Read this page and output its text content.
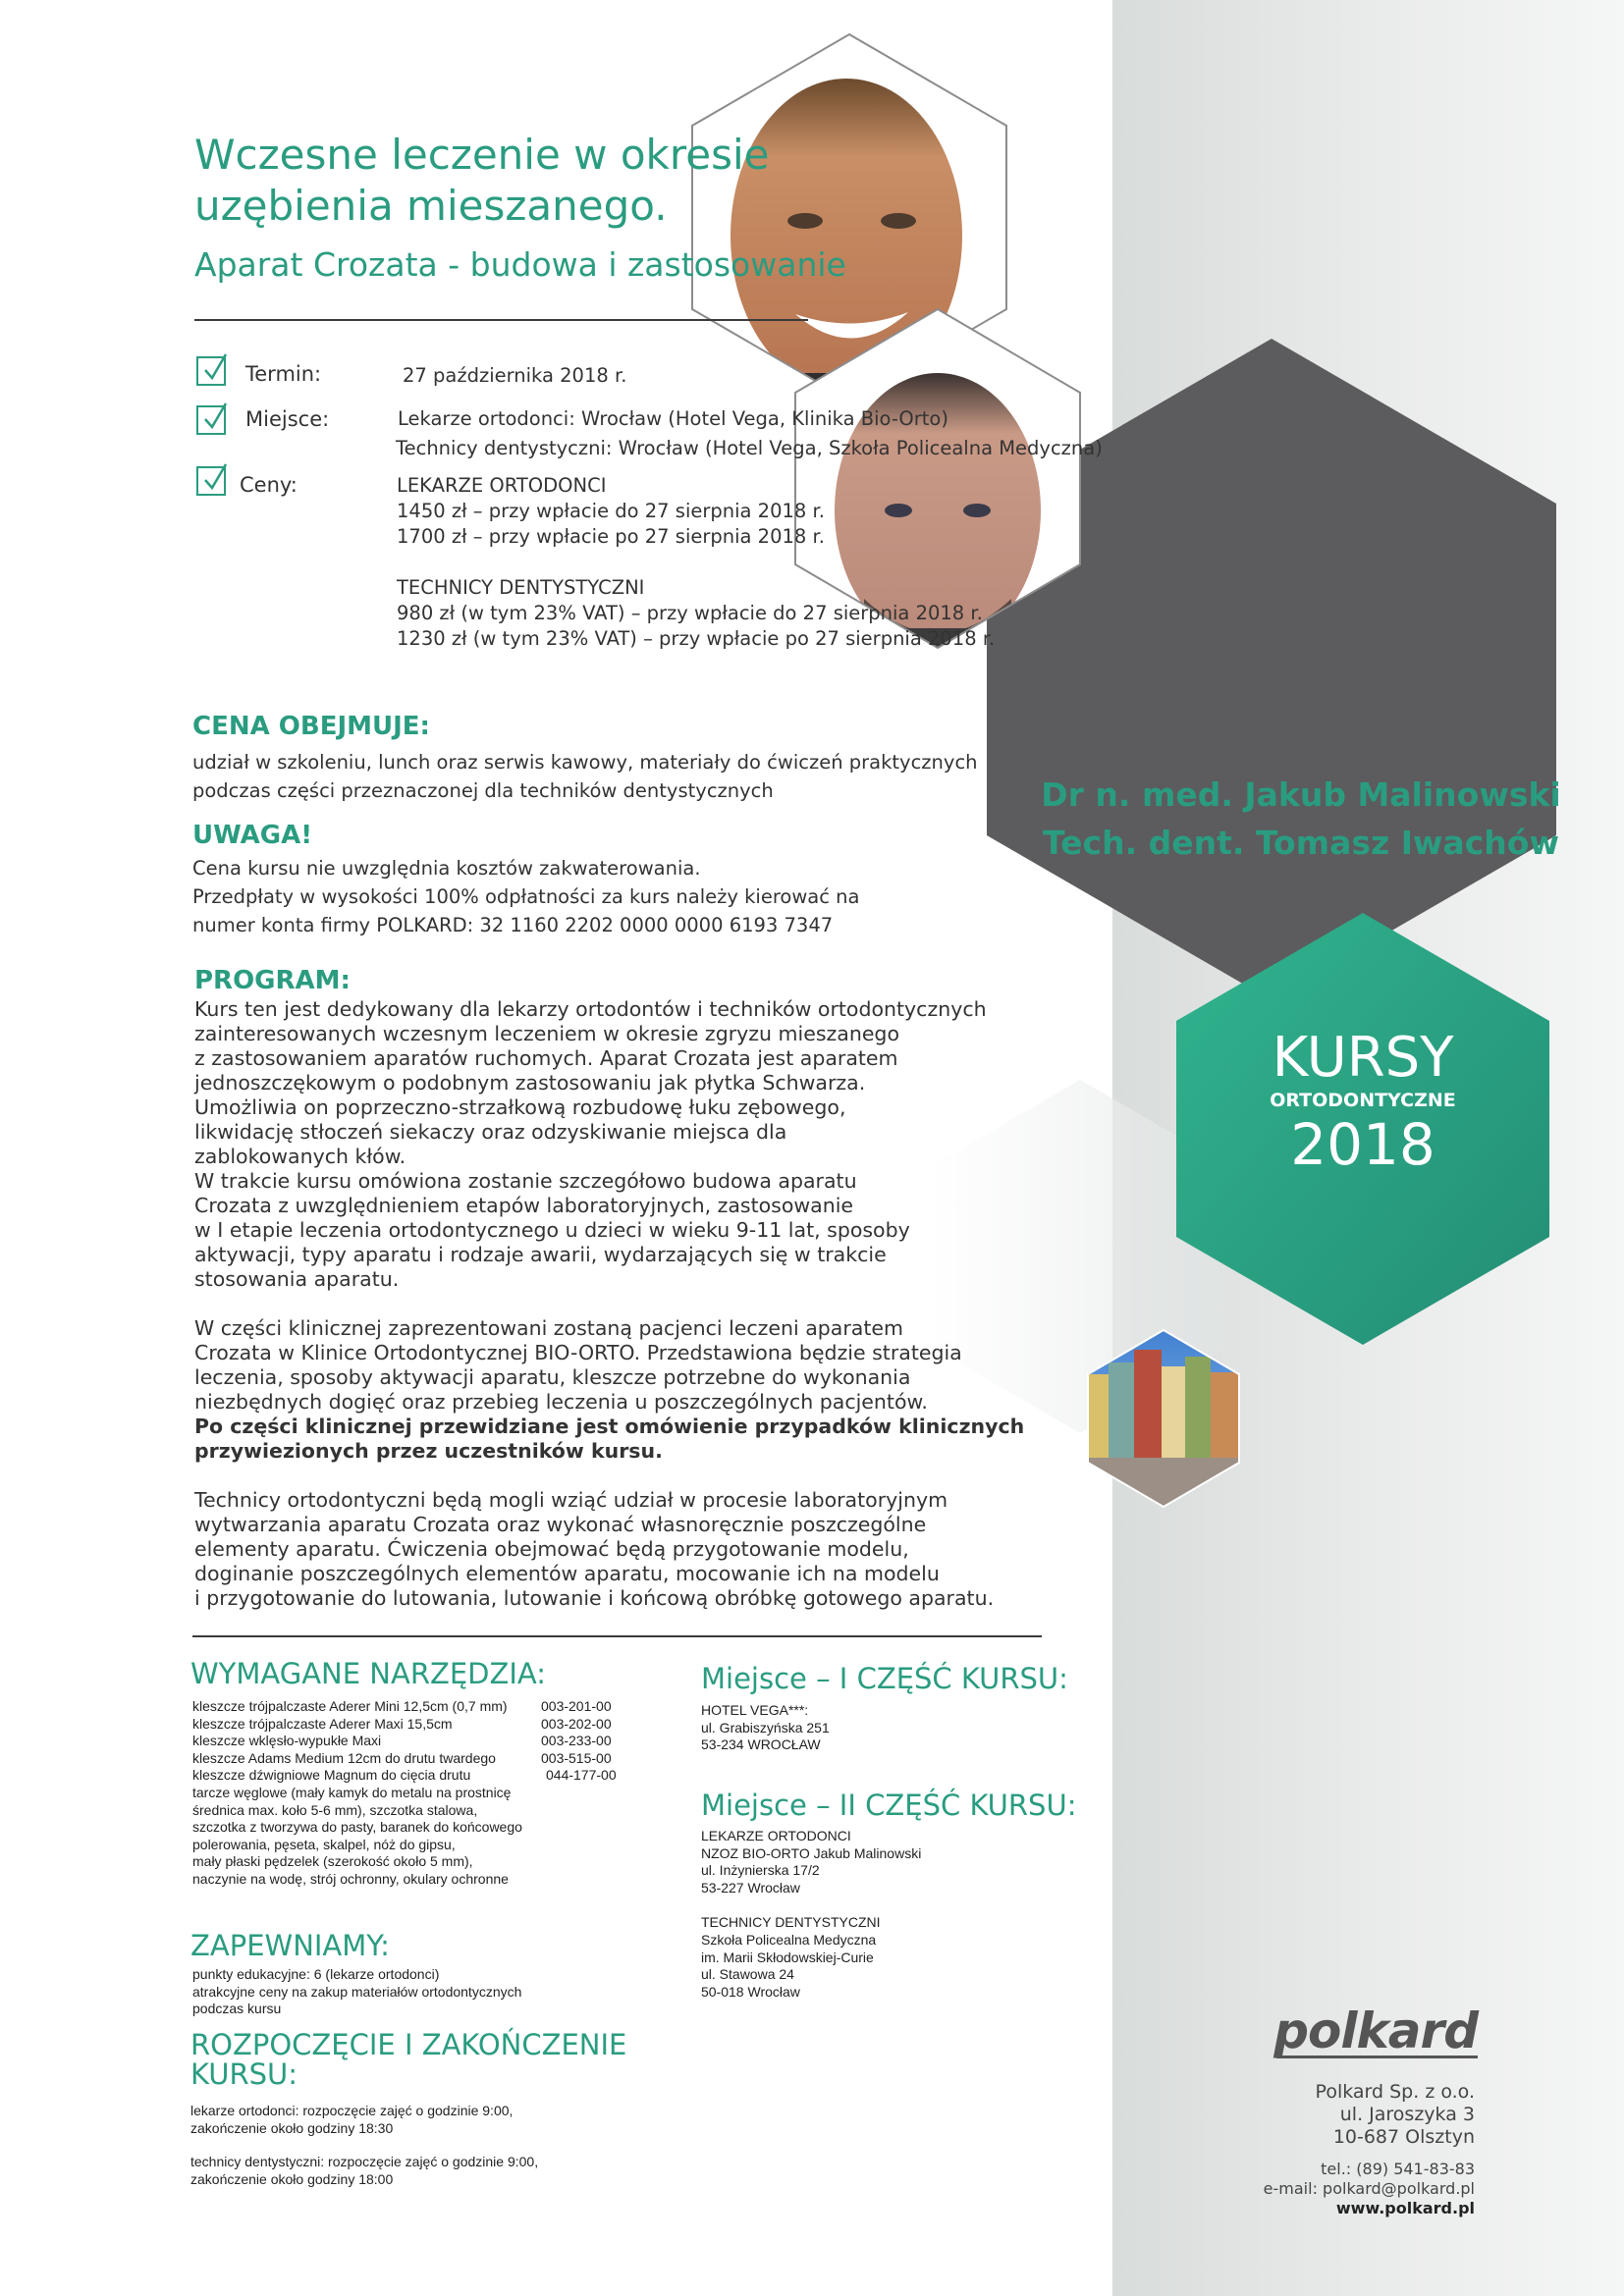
Wczesne leczenie w okresie
uzębienia mieszanego.
Aparat Crozata - budowa i zastosowanie
Termin:	27 października 2018 r.
Miejsce:	Lekarze ortodonci: Wrocław (Hotel Vega, Klinika Bio-Orto)
Technicy dentystyczni: Wrocław (Hotel Vega, Szkoła Policealna Medyczna)
Ceny:	LEKARZE ORTODONCI
1450 zł – przy wpłacie do 27 sierpnia 2018 r.
1700 zł – przy wpłacie po 27 sierpnia 2018 r.
TECHNICY DENTYSTYCZNI
980 zł (w tym 23% VAT) – przy wpłacie do 27 sierpnia 2018 r.
1230 zł (w tym 23% VAT) – przy wpłacie po 27 sierpnia 2018 r.
CENA OBEJMUJE:
udział w szkoleniu, lunch oraz serwis kawowy, materiały do ćwiczeń praktycznych
podczas części przeznaczonej dla techników dentystycznych
UWAGA!
Cena kursu nie uwzględnia kosztów zakwaterowania.
Przedpłaty w wysokości 100% odpłatności za kurs należy kierować na
numer konta firmy POLKARD: 32 1160 2202 0000 0000 6193 7347
PROGRAM:
Kurs ten jest dedykowany dla lekarzy ortodontów i techników ortodontycznych
zainteresowanych wczesnym leczeniem w okresie zgryzu mieszanego
z zastosowaniem aparatów ruchomych. Aparat Crozata jest aparatem
jednoszczękowym o podobnym zastosowaniu jak płytka Schwarza.
Umożliwia on poprzeczno-strzałkową rozbudowę łuku zębowego,
likwidację stłoczeń siekaczy oraz odzyskiwanie miejsca dla
zablokowanych kłów.
W trakcie kursu omówiona zostanie szczegółowo budowa aparatu
Crozata z uwzględnieniem etapów laboratoryjnych, zastosowanie
w I etapie leczenia ortodontycznego u dzieci w wieku 9-11 lat, sposoby
aktywacji, typy aparatu i rodzaje awarii, wydarzających się w trakcie
stosowania aparatu.
W części klinicznej zaprezentowani zostaną pacjenci leczeni aparatem
Crozata w Klinice Ortodontycznej BIO-ORTO. Przedstawiona będzie strategia
leczenia, sposoby aktywacji aparatu, kleszcze potrzebne do wykonania
niezbędnych dogięć oraz przebieg leczenia u poszczególnych pacjentów.
Po części klinicznej przewidziane jest omówienie przypadków klinicznych
przywiezionych przez uczestników kursu.
Technicy ortodontyczni będą mogli wziąć udział w procesie laboratoryjnym
wytwarzania aparatu Crozata oraz wykonać własnoręcznie poszczególne
elementy aparatu. Ćwiczenia obejmować będą przygotowanie modelu,
doginanie poszczególnych elementów aparatu, mocowanie ich na modelu
i przygotowanie do lutowania, lutowanie i końcową obróbkę gotowego aparatu.
WYMAGANE NARZĘDZIA:
kleszcze trójpalczaste Aderer Mini 12,5cm (0,7 mm) 003-201-00
kleszcze trójpalczaste Aderer Maxi 15,5cm	003-202-00
kleszcze wklęsło-wypukłe Maxi	003-233-00
kleszcze Adams Medium 12cm do drutu twardego	003-515-00
kleszcze dźwigniowe Magnum do cięcia drutu	044-177-00
tarcze węglowe (mały kamyk do metalu na prostnicę
średnica max. koło 5-6 mm), szczotka stalowa,
szczotka z tworzywa do pasty, baranek do końcowego
polerowania, pęseta, skalpel, nóż do gipsu,
mały płaski pędzelek (szerokość około 5 mm),
naczynie na wodę, strój ochronny, okulary ochronne
ZAPEWNIAMY:
punkty edukacyjne: 6 (lekarze ortodonci)
atrakcyjne ceny na zakup materiałów ortodontycznych
podczas kursu
ROZPOCZĘCIE I ZAKOŃCZENIE
KURSU:
lekarze ortodonci: rozpoczęcie zajęć o godzinie 9:00,
zakończenie około godziny 18:30
technicy dentystyczni: rozpoczęcie zajęć o godzinie 9:00,
zakończenie około godziny 18:00
Miejsce – I CZĘŚĆ KURSU:
HOTEL VEGA***:
ul. Grabiszyńska 251
53-234 WROCŁAW
Miejsce – II CZĘŚĆ KURSU:
LEKARZE ORTODONCI
NZOZ BIO-ORTO Jakub Malinowski
ul. Inżynierska 17/2
53-227 Wrocław
TECHNICY DENTYSTYCZNI
Szkoła Policealna Medyczna
im. Marii Skłodowskiej-Curie
ul. Stawowa 24
50-018 Wrocław
Dr n. med. Jakub Malinowski
Tech. dent. Tomasz Iwachów
KURSY
ORTODONTYCZNE
2018
polkard
Polkard Sp. z o.o.
ul. Jaroszyka 3
10-687 Olsztyn
tel.: (89) 541-83-83
e-mail: polkard@polkard.pl
www.polkard.pl
